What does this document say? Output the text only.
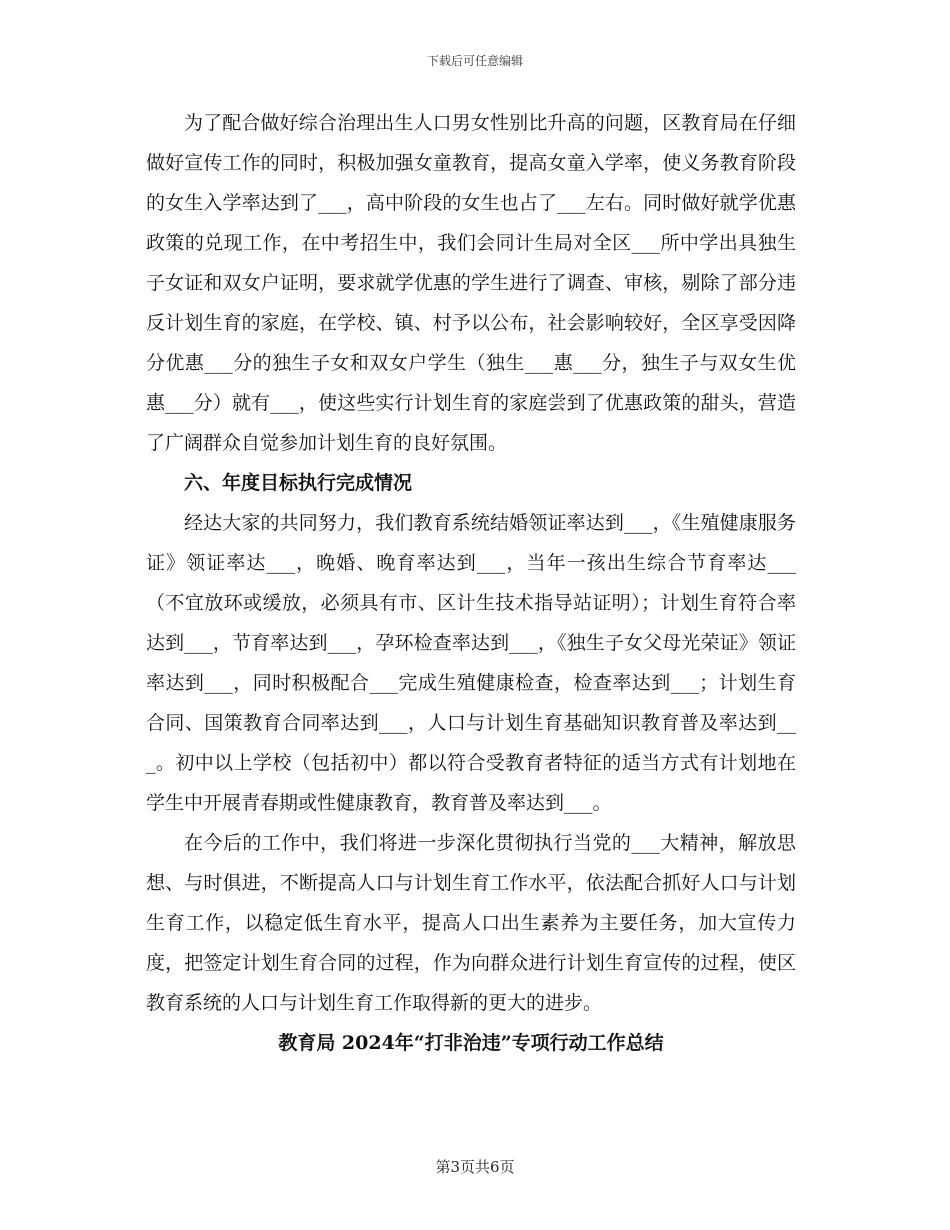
下载后可任意编辑

为了配合做好综合治理出生人口男女性别比升高的问题，区教育局在仔细做好宣传工作的同时，积极加强女童教育，提高女童入学率，使义务教育阶段的女生入学率达到了___，高中阶段的女生也占了___左右。同时做好就学优惠政策的兑现工作，在中考招生中，我们会同计生局对全区___所中学出具独生子女证和双女户证明，要求就学优惠的学生进行了调查、审核，剔除了部分违反计划生育的家庭，在学校、镇、村予以公布，社会影响较好，全区享受因降分优惠___分的独生子女和双女户学生（独生___惠___分，独生子与双女生优惠___分）就有___，使这些实行计划生育的家庭尝到了优惠政策的甜头，营造了广阔群众自觉参加计划生育的良好氛围。

六、年度目标执行完成情况

经达大家的共同努力，我们教育系统结婚领证率达到___，《生殖健康服务证》领证率达___，晚婚、晚育率达到___，当年一孩出生综合节育率达___（不宜放环或缓放，必须具有市、区计生技术指导站证明）；计划生育符合率达到___，节育率达到___，孕环检查率达到___，《独生子女父母光荣证》领证率达到___，同时积极配合___完成生殖健康检查，检查率达到___；计划生育合同、国策教育合同率达到___，人口与计划生育基础知识教育普及率达到___。初中以上学校（包括初中）都以符合受教育者特征的适当方式有计划地在学生中开展青春期或性健康教育，教育普及率达到___。

在今后的工作中，我们将进一步深化贯彻执行当党的___大精神，解放思想、与时俱进，不断提高人口与计划生育工作水平，依法配合抓好人口与计划生育工作，以稳定低生育水平，提高人口出生素养为主要任务，加大宣传力度，把签定计划生育合同的过程，作为向群众进行计划生育宣传的过程，使区教育系统的人口与计划生育工作取得新的更大的进步。

教育局 2024年“打非治违”专项行动工作总结

第3页共6页
